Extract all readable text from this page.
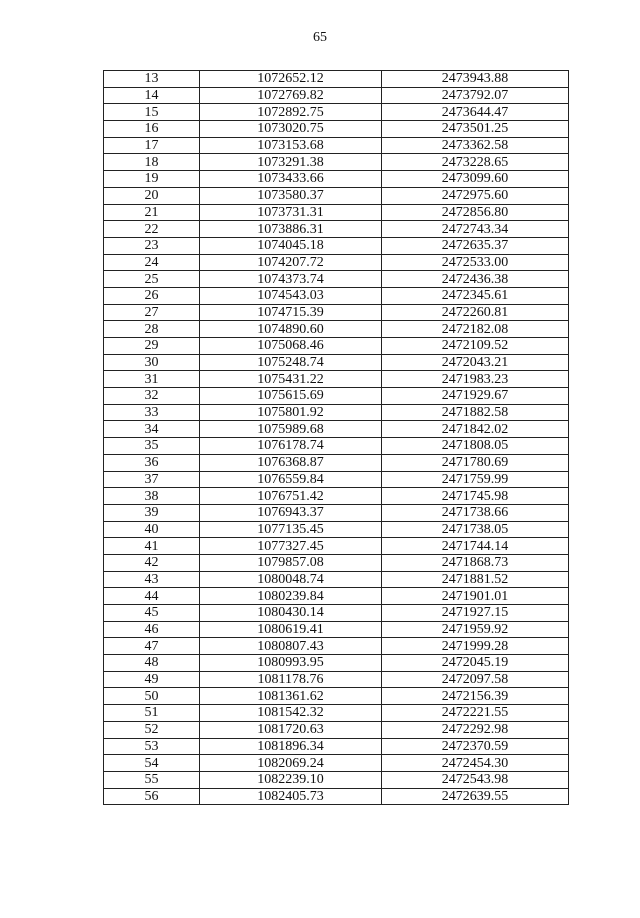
65
13	1072652.12	2473943.88
14	1072769.82	2473792.07
15	1072892.75	2473644.47
16	1073020.75	2473501.25
17	1073153.68	2473362.58
18	1073291.38	2473228.65
19	1073433.66	2473099.60
20	1073580.37	2472975.60
21	1073731.31	2472856.80
22	1073886.31	2472743.34
23	1074045.18	2472635.37
24	1074207.72	2472533.00
25	1074373.74	2472436.38
26	1074543.03	2472345.61
27	1074715.39	2472260.81
28	1074890.60	2472182.08
29	1075068.46	2472109.52
30	1075248.74	2472043.21
31	1075431.22	2471983.23
32	1075615.69	2471929.67
33	1075801.92	2471882.58
34	1075989.68	2471842.02
35	1076178.74	2471808.05
36	1076368.87	2471780.69
37	1076559.84	2471759.99
38	1076751.42	2471745.98
39	1076943.37	2471738.66
40	1077135.45	2471738.05
41	1077327.45	2471744.14
42	1079857.08	2471868.73
43	1080048.74	2471881.52
44	1080239.84	2471901.01
45	1080430.14	2471927.15
46	1080619.41	2471959.92
47	1080807.43	2471999.28
48	1080993.95	2472045.19
49	1081178.76	2472097.58
50	1081361.62	2472156.39
51	1081542.32	2472221.55
52	1081720.63	2472292.98
53	1081896.34	2472370.59
54	1082069.24	2472454.30
55	1082239.10	2472543.98
56	1082405.73	2472639.55
